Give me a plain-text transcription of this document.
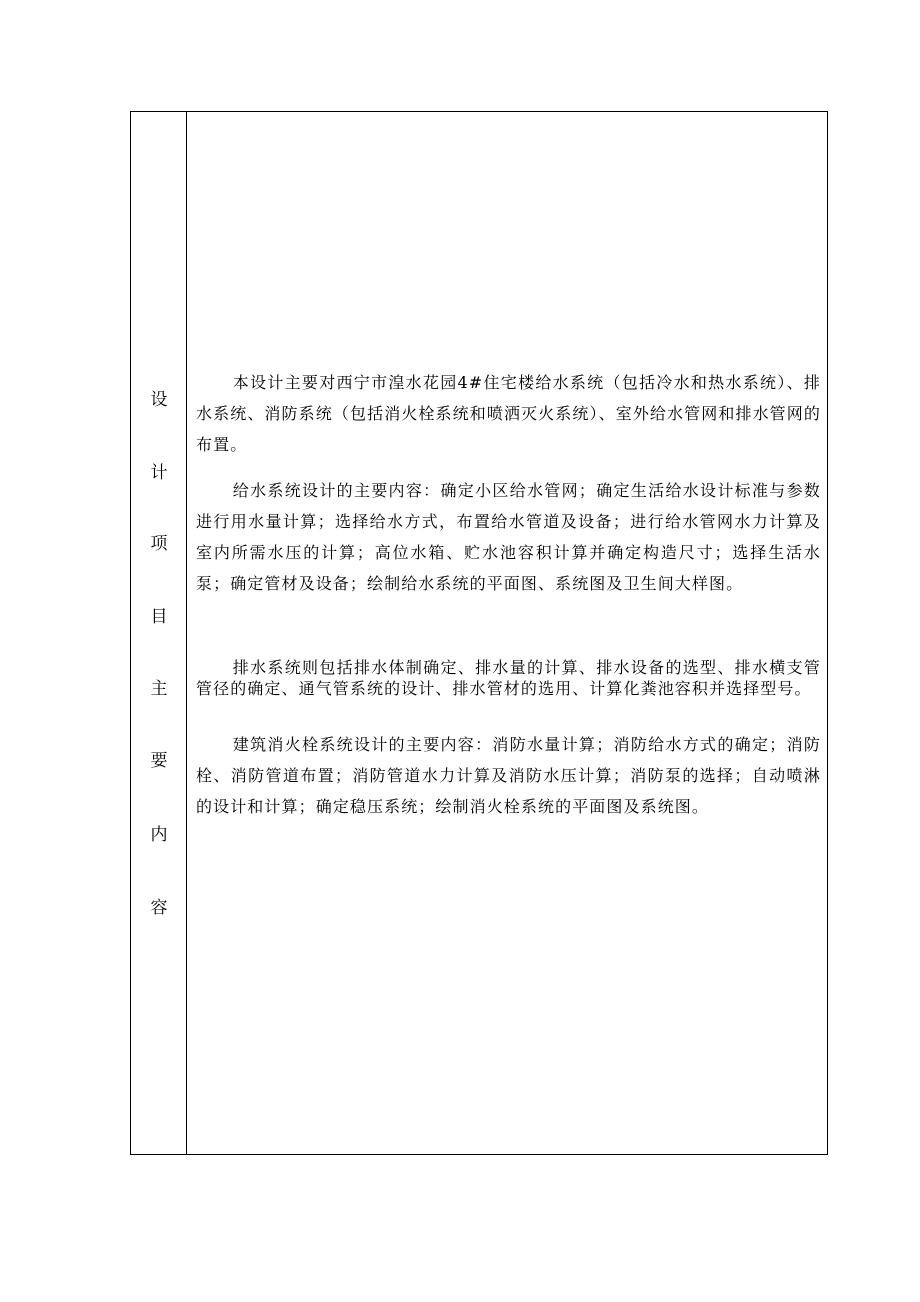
设
计
项
目
主
要
内
容
本设计主要对西宁市湟水花园4#住宅楼给水系统（包括冷水和热水系统）、排水系统、消防系统（包括消火栓系统和喷洒灭火系统）、室外给水管网和排水管网的布置。
给水系统设计的主要内容：确定小区给水管网；确定生活给水设计标准与参数进行用水量计算；选择给水方式，布置给水管道及设备；进行给水管网水力计算及室内所需水压的计算；高位水箱、贮水池容积计算并确定构造尺寸；选择生活水泵；确定管材及设备；绘制给水系统的平面图、系统图及卫生间大样图。
排水系统则包括排水体制确定、排水量的计算、排水设备的选型、排水横支管管径的确定、通气管系统的设计、排水管材的选用、计算化粪池容积并选择型号。
建筑消火栓系统设计的主要内容：消防水量计算；消防给水方式的确定；消防栓、消防管道布置；消防管道水力计算及消防水压计算；消防泵的选择；自动喷淋的设计和计算；确定稳压系统；绘制消火栓系统的平面图及系统图。
